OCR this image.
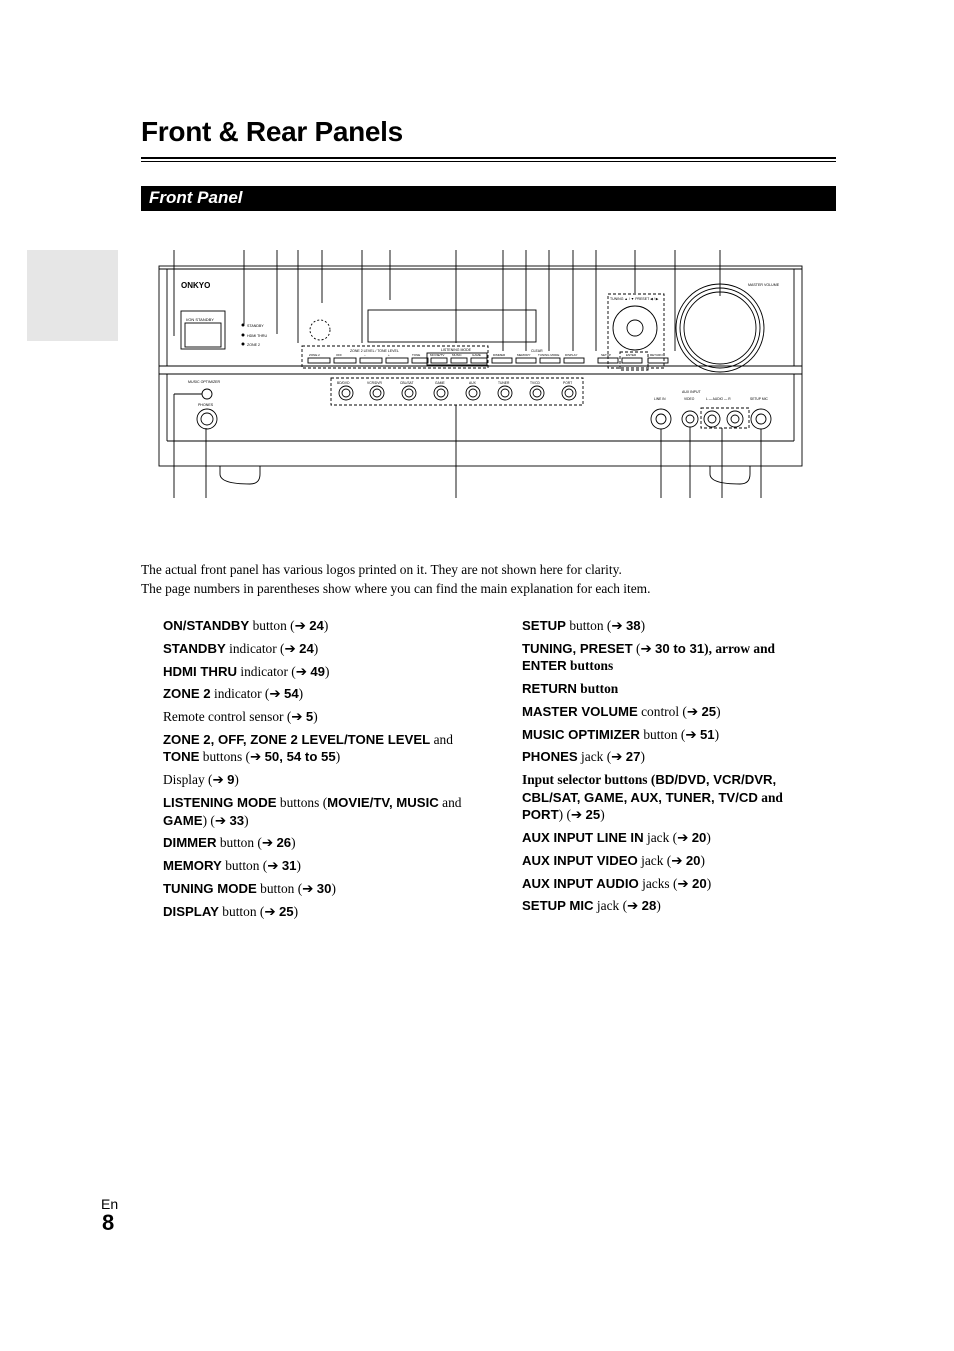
Front & Rear Panels
Front Panel
ONKYO
I/ON STANDBY
STANDBY
HDMI THRU
ZONE 2
ZONE 2 LEVEL / TONE LEVEL
ZONE 2	OFF	–	+	TONE
LISTENING MODE
MOVIE/TV	MUSIC	GAME
CLEAR
DIMMER	MEMORY	TUNING MODE DISPLAY
TUNING ▲ / ▼ PRESET ◀ / ▶
SETUP	ENTER	RETURN
MASTER VOLUME
MUSIC OPTIMIZER
PHONES
BD/DVD	VCR/DVR	CBL/SAT	GAME	AUX	TUNER	TV/CD	PORT
AUX INPUT
LINE IN	VIDEO	L — AUDIO — R	SETUP MIC
The actual front panel has various logos printed on it. They are not shown here for clarity.
The page numbers in parentheses show where you can find the main explanation for each item.
ON/STANDBY button (➔ 24)
STANDBY indicator (➔ 24)
HDMI THRU indicator (➔ 49)
ZONE 2 indicator (➔ 54)
Remote control sensor (➔ 5)
ZONE 2, OFF, ZONE 2 LEVEL/TONE LEVEL and TONE buttons (➔ 50, 54 to 55)
Display (➔ 9)
LISTENING MODE buttons (MOVIE/TV, MUSIC and GAME) (➔ 33)
DIMMER button (➔ 26)
MEMORY button (➔ 31)
TUNING MODE button (➔ 30)
DISPLAY button (➔ 25)
SETUP button (➔ 38)
TUNING, PRESET (➔ 30 to 31), arrow and ENTER buttons
RETURN button
MASTER VOLUME control (➔ 25)
MUSIC OPTIMIZER button (➔ 51)
PHONES jack (➔ 27)
Input selector buttons (BD/DVD, VCR/DVR, CBL/SAT, GAME, AUX, TUNER, TV/CD and PORT) (➔ 25)
AUX INPUT LINE IN jack (➔ 20)
AUX INPUT VIDEO jack (➔ 20)
AUX INPUT AUDIO jacks (➔ 20)
SETUP MIC jack (➔ 28)
En
8
